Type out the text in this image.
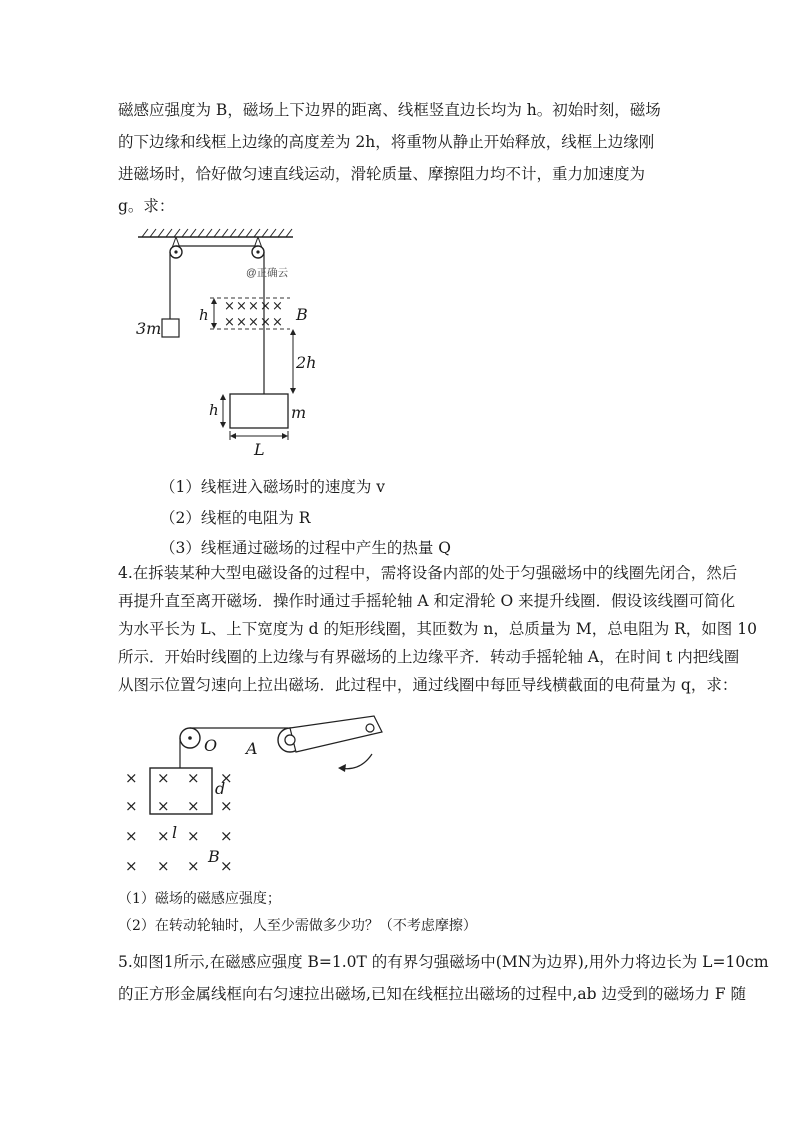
磁感应强度为 B，磁场上下边界的距离、线框竖直边长均为 h。初始时刻，磁场
的下边缘和线框上边缘的高度差为 2h，将重物从静止开始释放，线框上边缘刚
进磁场时，恰好做匀速直线运动，滑轮质量、摩擦阻力均不计，重力加速度为
g。求：
3m
@正确云
× × × × ×
× × × × × B
h
2h
m
h
L
（1）线框进入磁场时的速度为 v
（2）线框的电阻为 R
（3）线框通过磁场的过程中产生的热量 Q
4.在拆装某种大型电磁设备的过程中，需将设备内部的处于匀强磁场中的线圈先闭合，然后
再提升直至离开磁场．操作时通过手摇轮轴 A 和定滑轮 O 来提升线圈．假设该线圈可简化
为水平长为 L、上下宽度为 d 的矩形线圈，其匝数为 n，总质量为 M，总电阻为 R，如图 10
所示．开始时线圈的上边缘与有界磁场的上边缘平齐．转动手摇轮轴 A，在时间 t 内把线圈
从图示位置匀速向上拉出磁场．此过程中，通过线圈中每匝导线横截面的电荷量为 q，求：
O A
× × × ×
× × × ×
× × × ×
× × × ×
d
l
B
（1）磁场的磁感应强度；
（2）在转动轮轴时，人至少需做多少功？（不考虑摩擦）
5.如图1所示,在磁感应强度 B=1.0T 的有界匀强磁场中(MN为边界),用外力将边长为 L=10cm
的正方形金属线框向右匀速拉出磁场,已知在线框拉出磁场的过程中,ab 边受到的磁场力 F 随
